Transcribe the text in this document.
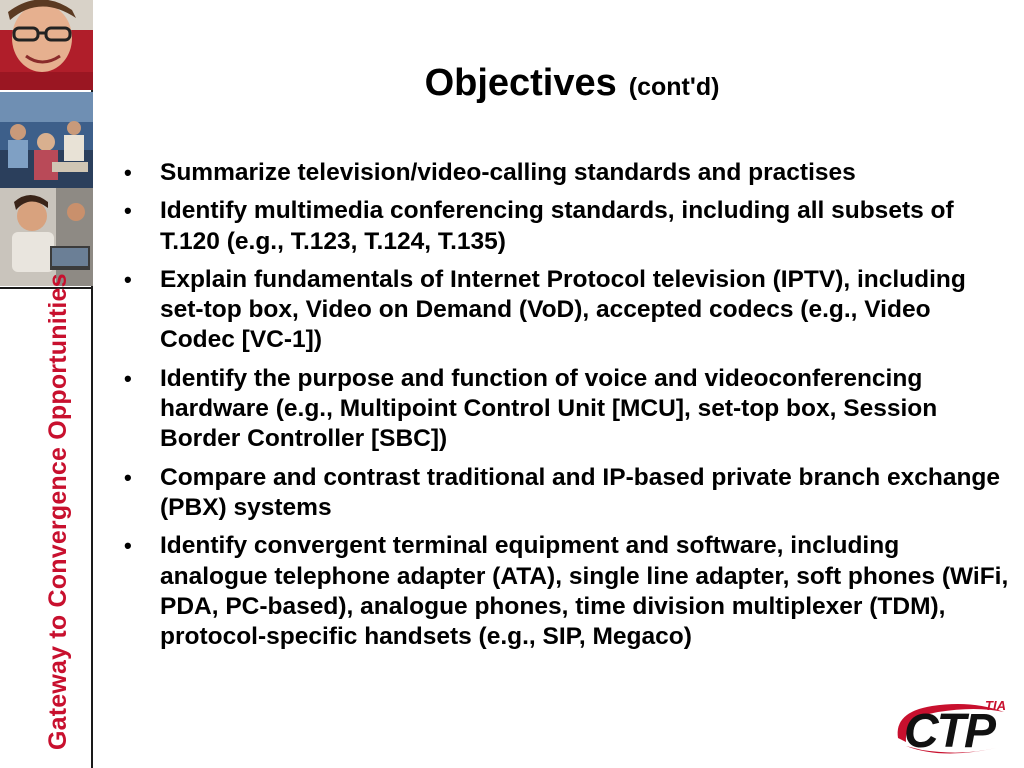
Gateway to Convergence Opportunities
Objectives (cont'd)
• Summarize television/video-calling standards and practises
• Identify multimedia conferencing standards, including all subsets of T.120 (e.g., T.123, T.124, T.135)
• Explain fundamentals of Internet Protocol television (IPTV), including set-top box, Video on Demand (VoD), accepted codecs (e.g., Video Codec [VC-1])
• Identify the purpose and function of voice and videoconferencing hardware (e.g., Multipoint Control Unit [MCU], set-top box, Session Border Controller [SBC])
• Compare and contrast traditional and IP-based private branch exchange (PBX) systems
• Identify convergent terminal equipment and software, including analogue telephone adapter (ATA), single line adapter, soft phones (WiFi, PDA, PC-based), analogue phones, time division multiplexer (TDM), protocol-specific handsets (e.g., SIP, Megaco)
TIA
CTP
